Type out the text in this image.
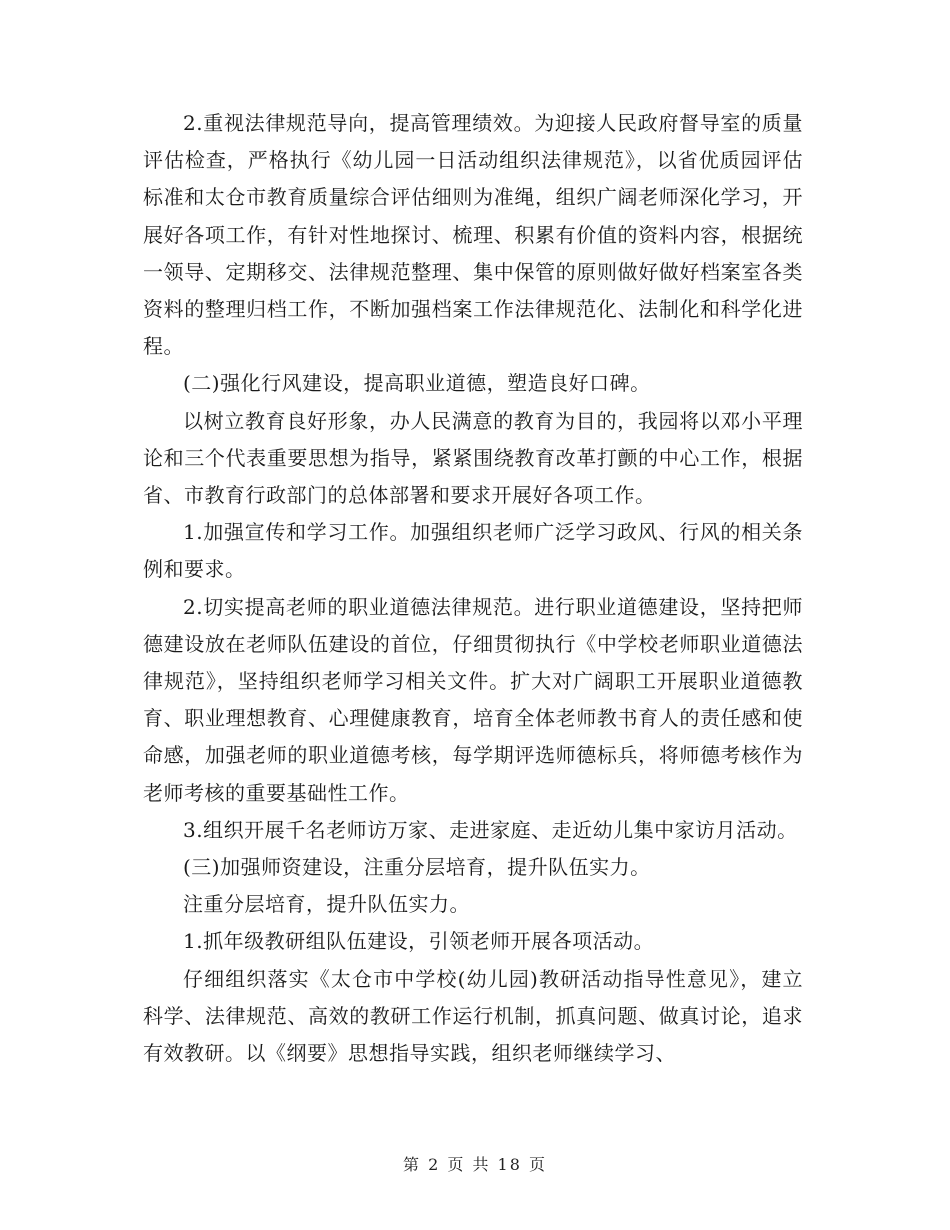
2.重视法律规范导向，提高管理绩效。为迎接人民政府督导室的质量评估检查，严格执行《幼儿园一日活动组织法律规范》，以省优质园评估标准和太仓市教育质量综合评估细则为准绳，组织广阔老师深化学习，开展好各项工作，有针对性地探讨、梳理、积累有价值的资料内容，根据统一领导、定期移交、法律规范整理、集中保管的原则做好做好档案室各类资料的整理归档工作，不断加强档案工作法律规范化、法制化和科学化进程。

(二)强化行风建设，提高职业道德，塑造良好口碑。

以树立教育良好形象，办人民满意的教育为目的，我园将以邓小平理论和三个代表重要思想为指导，紧紧围绕教育改革打颤的中心工作，根据省、市教育行政部门的总体部署和要求开展好各项工作。

1.加强宣传和学习工作。加强组织老师广泛学习政风、行风的相关条例和要求。

2.切实提高老师的职业道德法律规范。进行职业道德建设，坚持把师德建设放在老师队伍建设的首位，仔细贯彻执行《中学校老师职业道德法律规范》，坚持组织老师学习相关文件。扩大对广阔职工开展职业道德教育、职业理想教育、心理健康教育，培育全体老师教书育人的责任感和使命感，加强老师的职业道德考核，每学期评选师德标兵，将师德考核作为老师考核的重要基础性工作。

3.组织开展千名老师访万家、走进家庭、走近幼儿集中家访月活动。

(三)加强师资建设，注重分层培育，提升队伍实力。

注重分层培育，提升队伍实力。

1.抓年级教研组队伍建设，引领老师开展各项活动。

仔细组织落实《太仓市中学校(幼儿园)教研活动指导性意见》，建立科学、法律规范、高效的教研工作运行机制，抓真问题、做真讨论，追求有效教研。以《纲要》思想指导实践，组织老师继续学习、

第 2 页 共 18 页
